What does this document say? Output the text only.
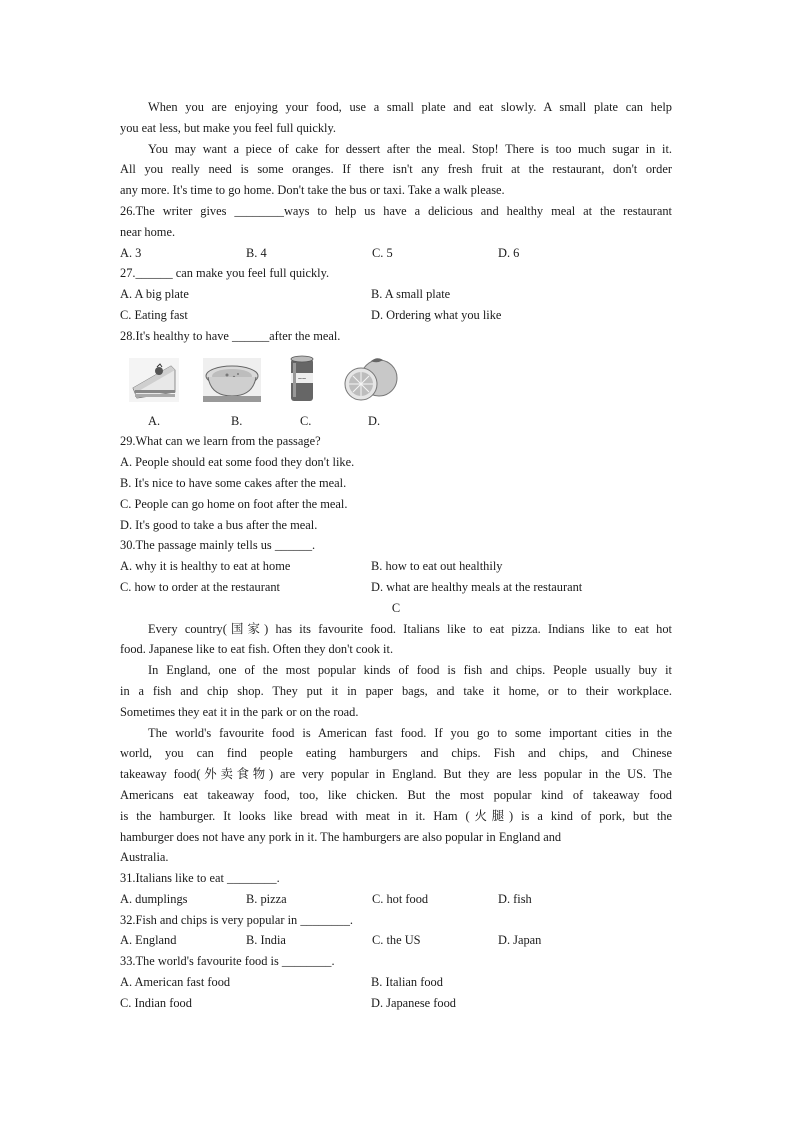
When you are enjoying your food, use a small plate and eat slowly. A small plate can help
you eat less, but make you feel full quickly.
You may want a piece of cake for dessert after the meal. Stop! There is too much sugar in it.
All you really need is some oranges. If there isn't any fresh fruit at the restaurant, don't order
any more. It's time to go home. Don't take the bus or taxi. Take a walk please.
26.The writer gives ________ways to help us have a delicious and healthy meal at the restaurant
near home.
A. 3	B. 4	C. 5	D. 6
27.______ can make you feel full quickly.
A. A big plate	B. A small plate
C. Eating fast	D. Ordering what you like
28.It's healthy to have ______after the meal.
~~
A.	B.	C.	D.
29.What can we learn from the passage?
A. People should eat some food they don't like.
B. It's nice to have some cakes after the meal.
C. People can go home on foot after the meal.
D. It's good to take a bus after the meal.
30.The passage mainly tells us ______.
A. why it is healthy to eat at home	B. how to eat out healthily
C. how to order at the restaurant	D. what are healthy meals at the restaurant
C
Every country(国家) has its favourite food. Italians like to eat pizza. Indians like to eat hot
food. Japanese like to eat fish. Often they don't cook it.
In England, one of the most popular kinds of food is fish and chips. People usually buy it
in a fish and chip shop. They put it in paper bags, and take it home, or to their workplace.
Sometimes they eat it in the park or on the road.
The world's favourite food is American fast food. If you go to some important cities in the
world, you can find people eating hamburgers and chips. Fish and chips, and Chinese
takeaway food(外卖食物) are very popular in England. But they are less popular in the US. The
Americans eat takeaway food, too, like chicken. But the most popular kind of takeaway food
is the hamburger. It looks like bread with meat in it. Ham (火腿) is a kind of pork, but the
hamburger does not have any pork in it. The hamburgers are also popular in England and
Australia.
31.Italians like to eat ________.
A. dumplings	B. pizza	C. hot food	D. fish
32.Fish and chips is very popular in ________.
A. England	B. India	C. the US	D. Japan
33.The world's favourite food is ________.
A. American fast food	B. Italian food
C. Indian food	D. Japanese food
